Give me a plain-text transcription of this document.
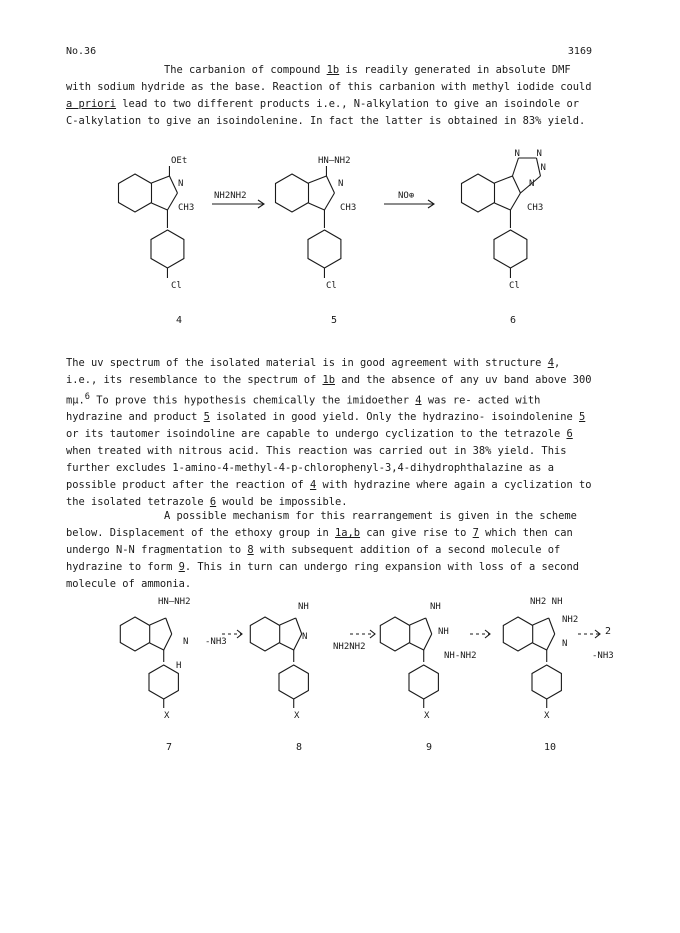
No.36	3169

The carbanion of compound 1b is readily generated in absolute DMF with sodium hydride as the base. Reaction of this carbanion with methyl iodide could a priori lead to two different products i.e., N-alkylation to give an isoindole or C-alkylation to give an isoindolenine. In fact the latter is obtained in 83% yield.

OEt
N
CH3
Cl
4
HN—NH2
N
CH3
Cl
5
N
CH3
Cl
6
NH2NH2	NO⊕
N N
N

The uv spectrum of the isolated material is in good agreement with structure 4, i.e., its resemblance to the spectrum of 1b and the absence of any uv band above 300 mμ.$^6$ To prove this hypothesis chemically the imidoether 4 was re- acted with hydrazine and product 5 isolated in good yield. Only the hydrazino- isoindolenine 5 or its tautomer isoindoline are capable to undergo cyclization to the tetrazole 6 when treated with nitrous acid. This reaction was carried out in 38% yield. This further excludes 1-amino-4-methyl-4-p-chlorophenyl-3,4-dihydrophthalazine as a possible product after the reaction of 4 with hydrazine where again a cyclization to the isolated tetrazole 6 would be impossible.

A possible mechanism for this rearrangement is given in the scheme below. Displacement of the ethoxy group in 1a,b can give rise to 7 which then can undergo N-N fragmentation to 8 with subsequent addition of a second molecule of hydrazine to form 9. This in turn can undergo ring expansion with loss of a second molecule of ammonia.

HN—NH2
N
H
X
-NH3
7
NH
N
X
8
NH2NH2
NH
NH
NH-NH2
X
9
NH2 NH
NH2
N
2
-NH3
X
10
